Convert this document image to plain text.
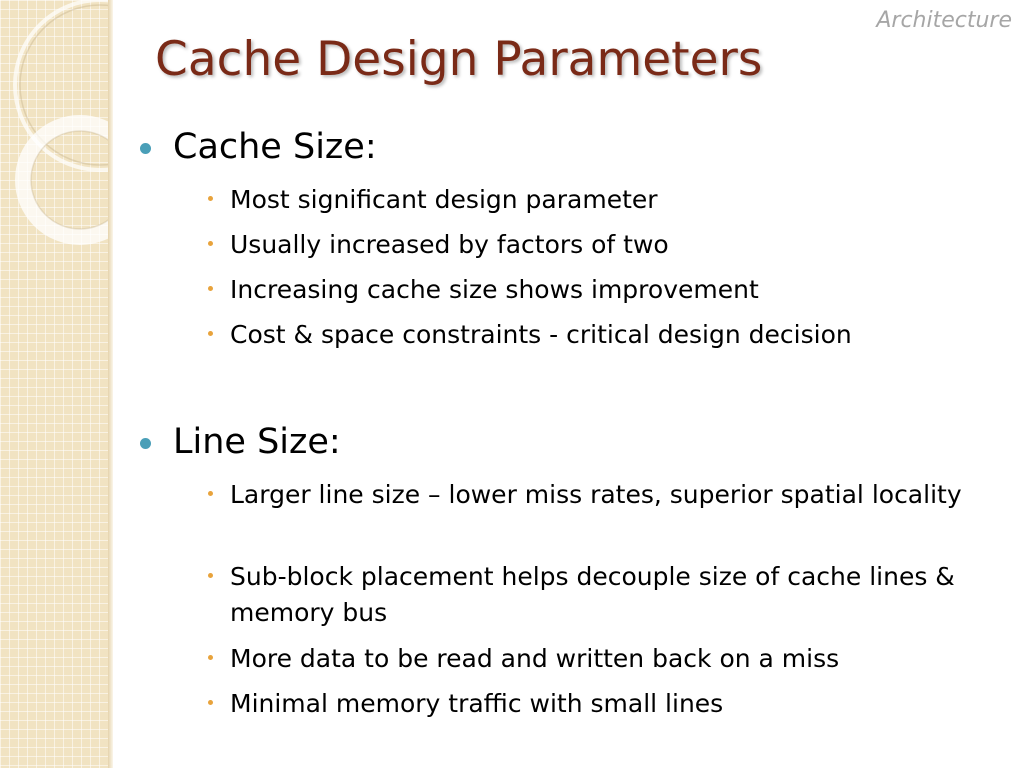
Architecture
Cache Design Parameters
Cache Size:
Most significant design parameter
Usually increased by factors of two
Increasing cache size shows improvement
Cost & space constraints - critical design decision
Line Size:
Larger line size – lower miss rates, superior spatial locality
Sub-block placement helps decouple size of cache lines & memory bus
More data to be read and written back on a miss
Minimal memory traffic with small lines
